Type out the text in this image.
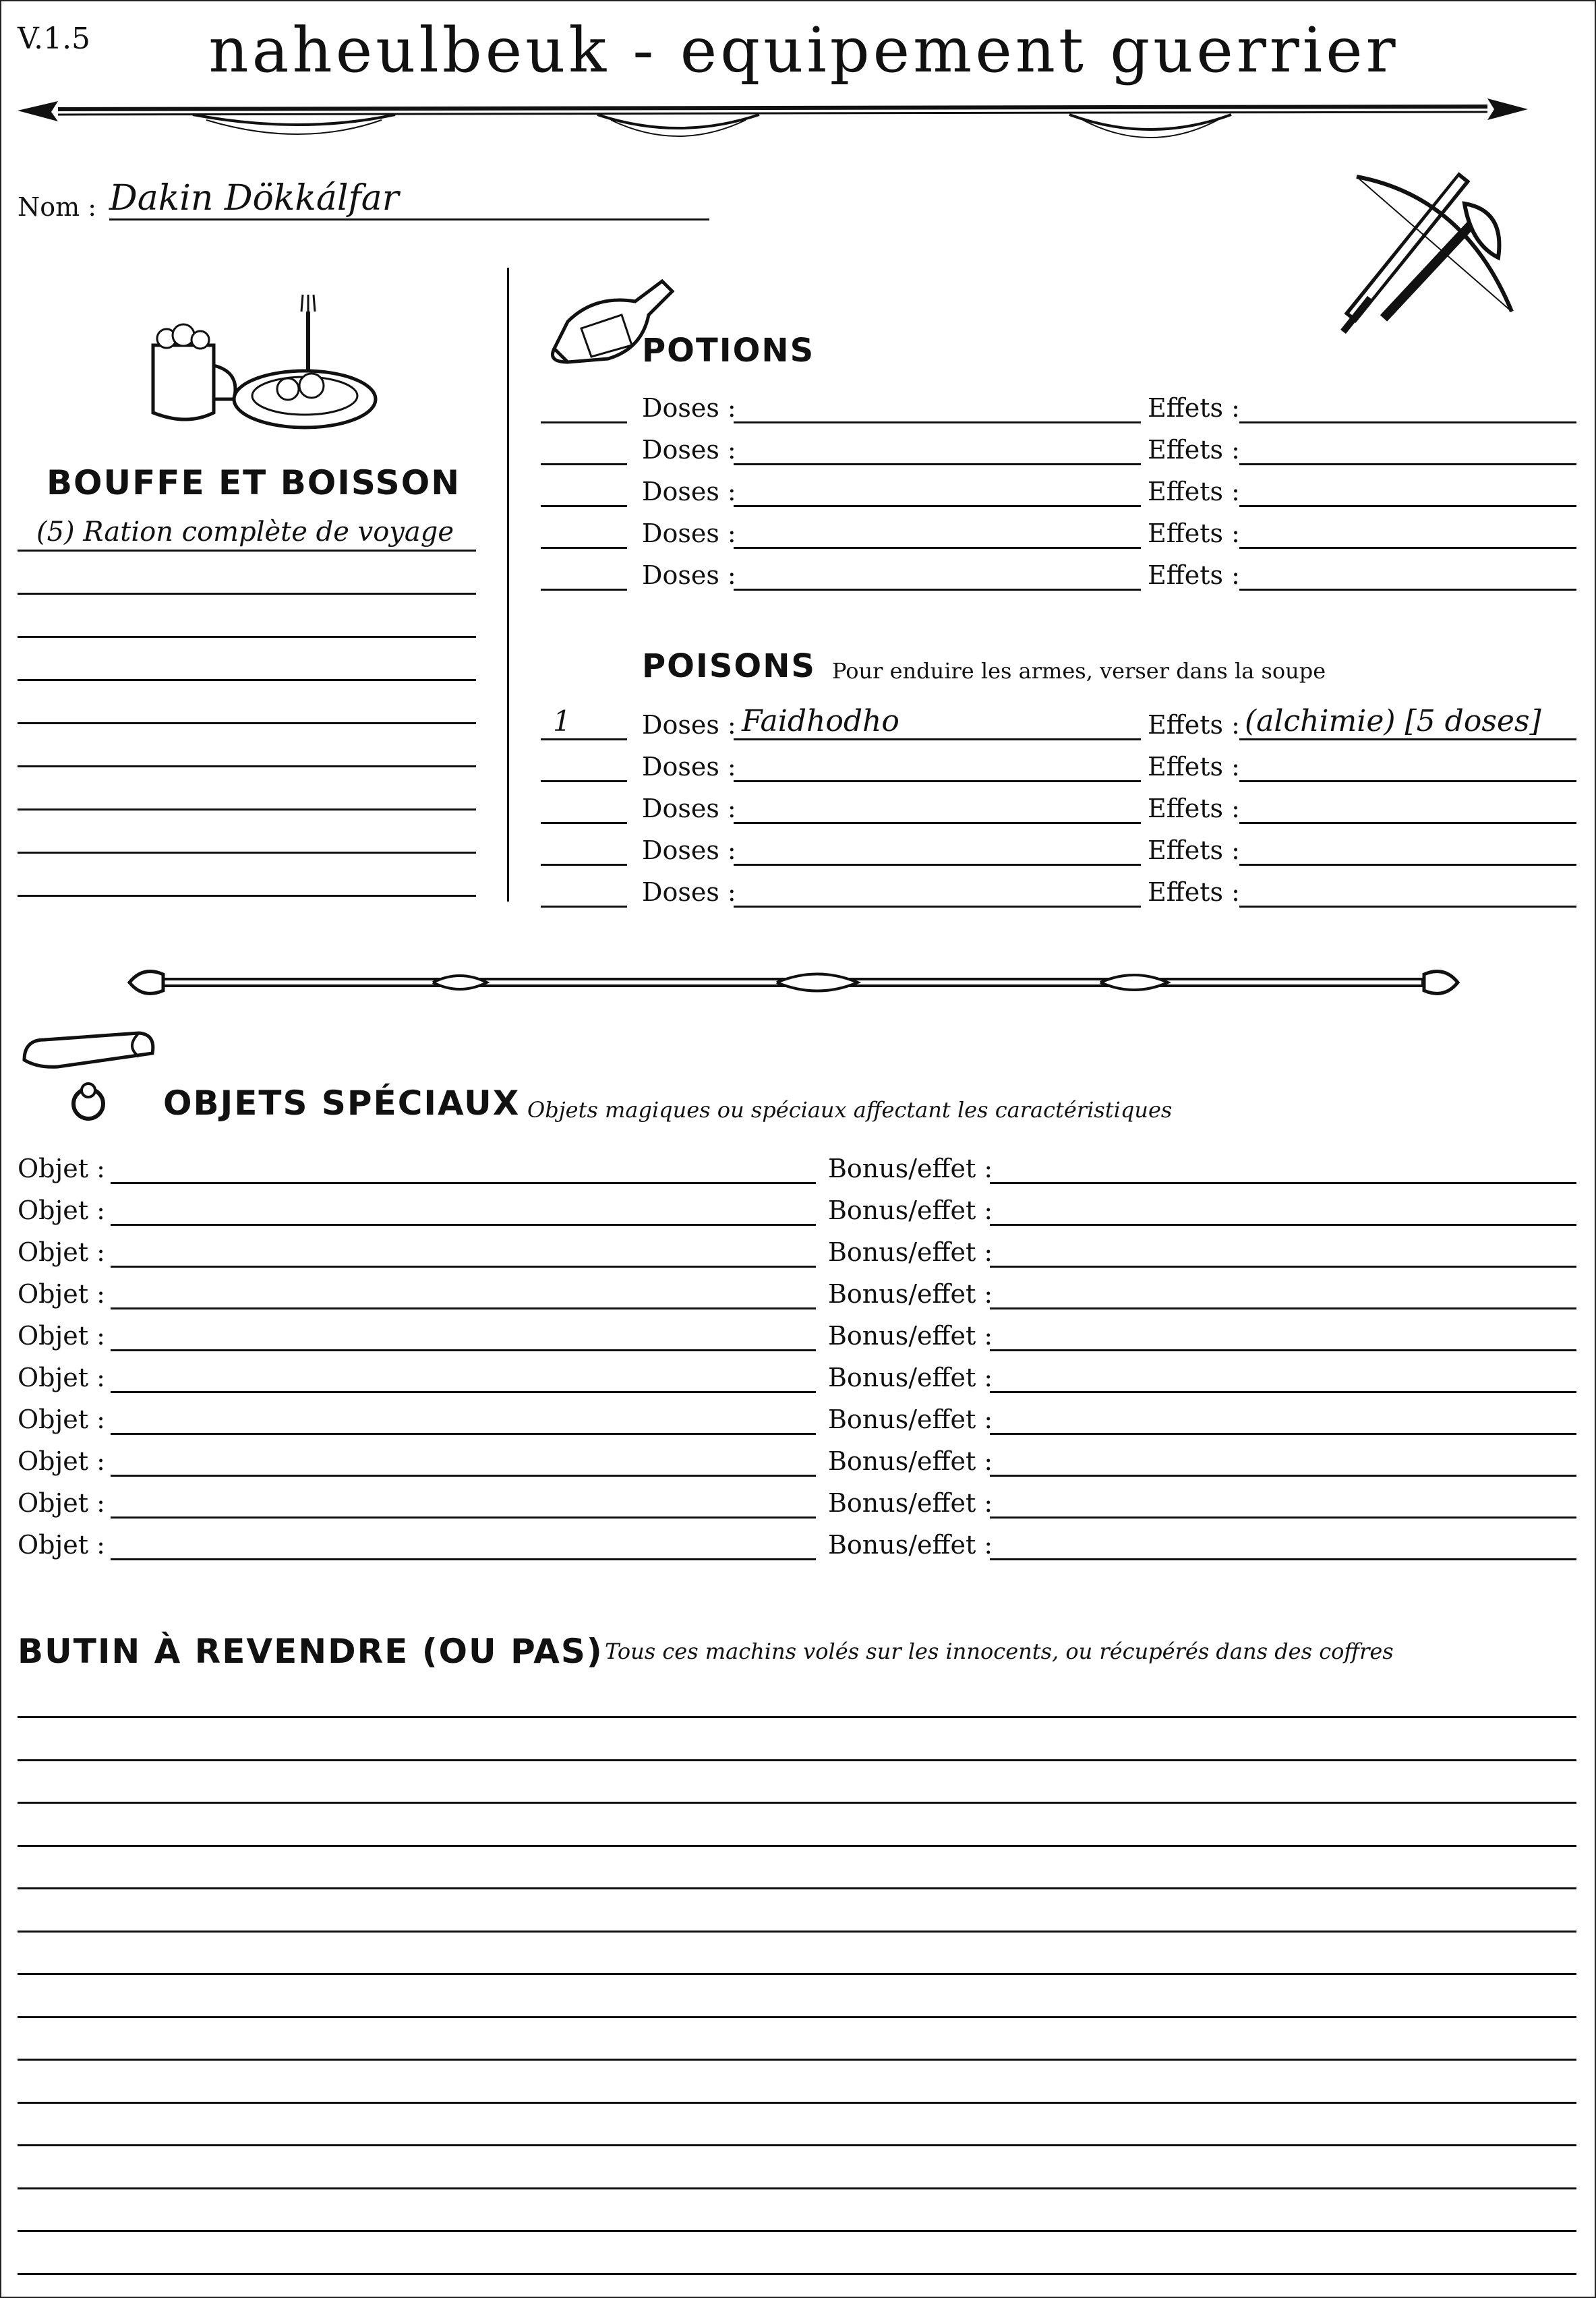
V.1.5	naheulbeuk - equipement guerrier
Nom : Dakin Dökkálfar
BOUFFE ET BOISSON
(5) Ration complète de voyage
POTIONS
Doses :	Effets :
Doses :	Effets :
Doses :	Effets :
Doses :	Effets :
Doses :	Effets :
POISONS Pour enduire les armes, verser dans la soupe
1	Doses : Faidhodho	Effets : (alchimie) [5 doses]
Doses :	Effets :
Doses :	Effets :
Doses :	Effets :
Doses :	Effets :
OBJETS SPÉCIAUX Objets magiques ou spéciaux affectant les caractéristiques
Objet :	Bonus/effet :
Objet :	Bonus/effet :
Objet :	Bonus/effet :
Objet :	Bonus/effet :
Objet :	Bonus/effet :
Objet :	Bonus/effet :
Objet :	Bonus/effet :
Objet :	Bonus/effet :
Objet :	Bonus/effet :
Objet :	Bonus/effet :
BUTIN À REVENDRE (OU PAS) Tous ces machins volés sur les innocents, ou récupérés dans des coffres
